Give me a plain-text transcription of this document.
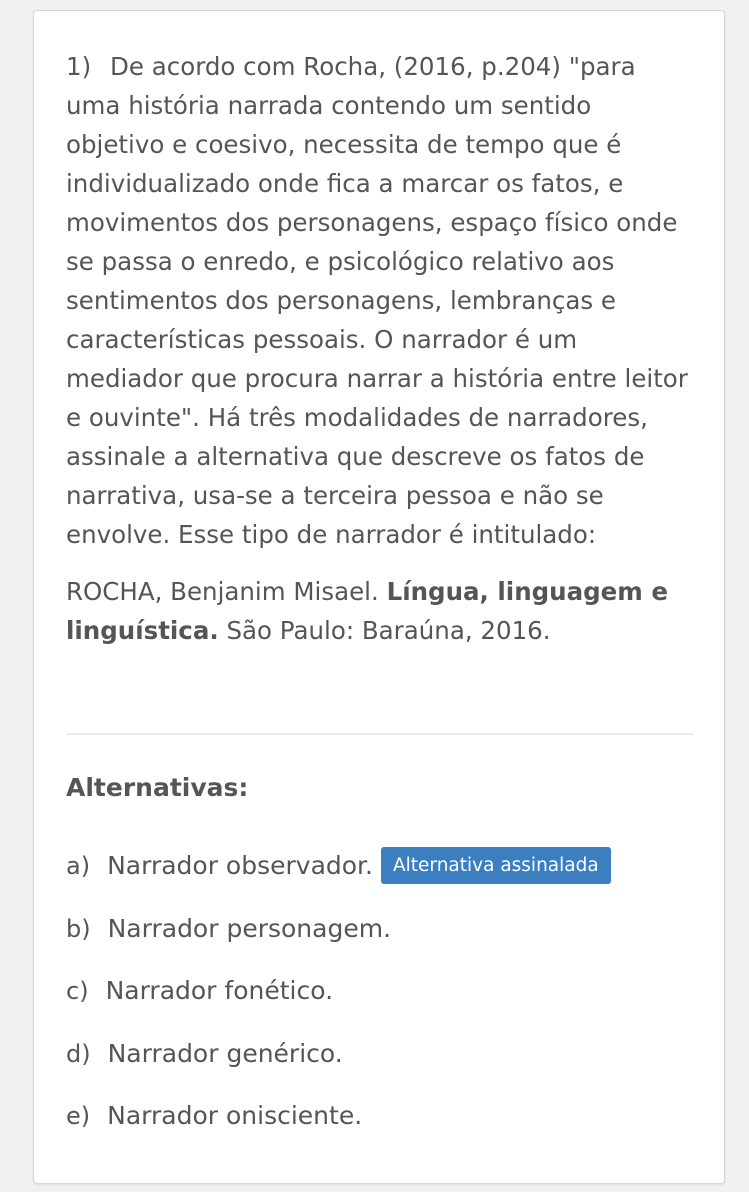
1) De acordo com Rocha, (2016, p.204) "para uma história narrada contendo um sentido objetivo e coesivo, necessita de tempo que é individualizado onde fica a marcar os fatos, e movimentos dos personagens, espaço físico onde se passa o enredo, e psicológico relativo aos sentimentos dos personagens, lembranças e características pessoais. O narrador é um mediador que procura narrar a história entre leitor e ouvinte". Há três modalidades de narradores, assinale a alternativa que descreve os fatos de narrativa, usa-se a terceira pessoa e não se envolve. Esse tipo de narrador é intitulado:

ROCHA, Benjanim Misael. Língua, linguagem e linguística. São Paulo: Baraúna, 2016.

Alternativas:
a) Narrador observador.	Alternativa assinalada
b) Narrador personagem.
c) Narrador fonético.
d) Narrador genérico.
e) Narrador onisciente.
